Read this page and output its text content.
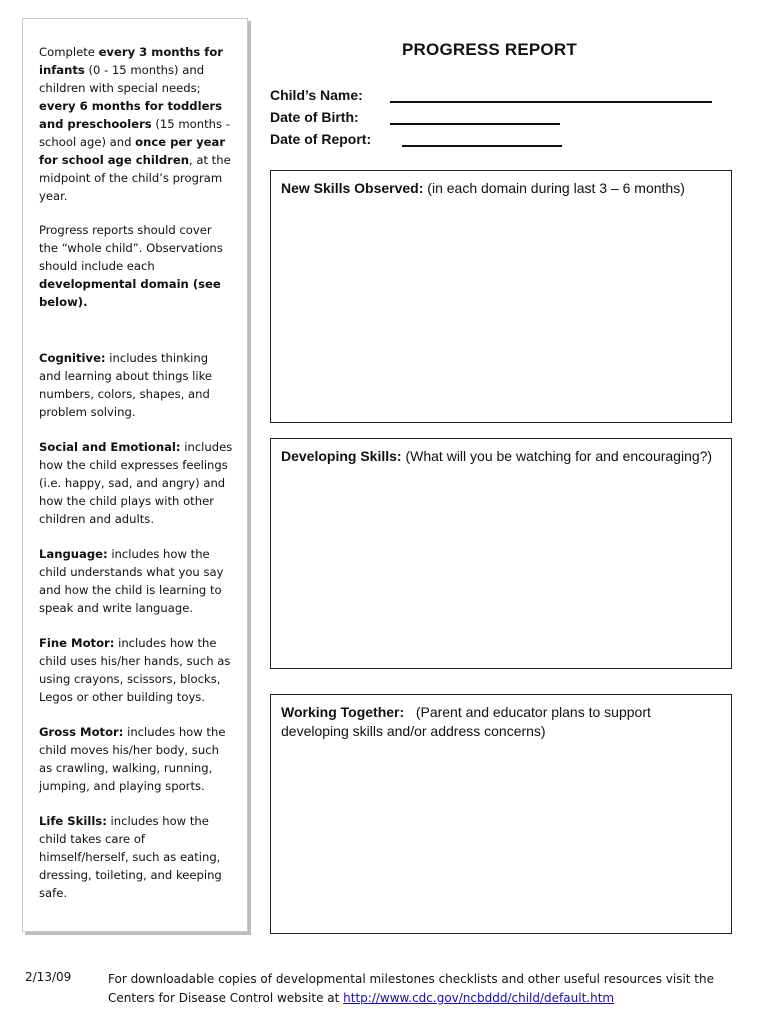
Complete every 3 months for infants (0 - 15 months) and children with special needs; every 6 months for toddlers and preschoolers (15 months - school age) and once per year for school age children, at the midpoint of the child’s program year.

Progress reports should cover the “whole child”. Observations should include each developmental domain (see below).

Cognitive: includes thinking and learning about things like numbers, colors, shapes, and problem solving.

Social and Emotional: includes how the child expresses feelings (i.e. happy, sad, and angry) and how the child plays with other children and adults.

Language: includes how the child understands what you say and how the child is learning to speak and write language.

Fine Motor: includes how the child uses his/her hands, such as using crayons, scissors, blocks, Legos or other building toys.

Gross Motor: includes how the child moves his/her body, such as crawling, walking, running, jumping, and playing sports.

Life Skills: includes how the child takes care of himself/herself, such as eating, dressing, toileting, and keeping safe.

PROGRESS REPORT
Child’s Name:
Date of Birth:
Date of Report:
New Skills Observed: (in each domain during last 3 – 6 months)
Developing Skills: (What will you be watching for and encouraging?)
Working Together:   (Parent and educator plans to support developing skills and/or address concerns)
2/13/09	For downloadable copies of developmental milestones checklists and other useful resources visit the Centers for Disease Control website at http://www.cdc.gov/ncbddd/child/default.htm
